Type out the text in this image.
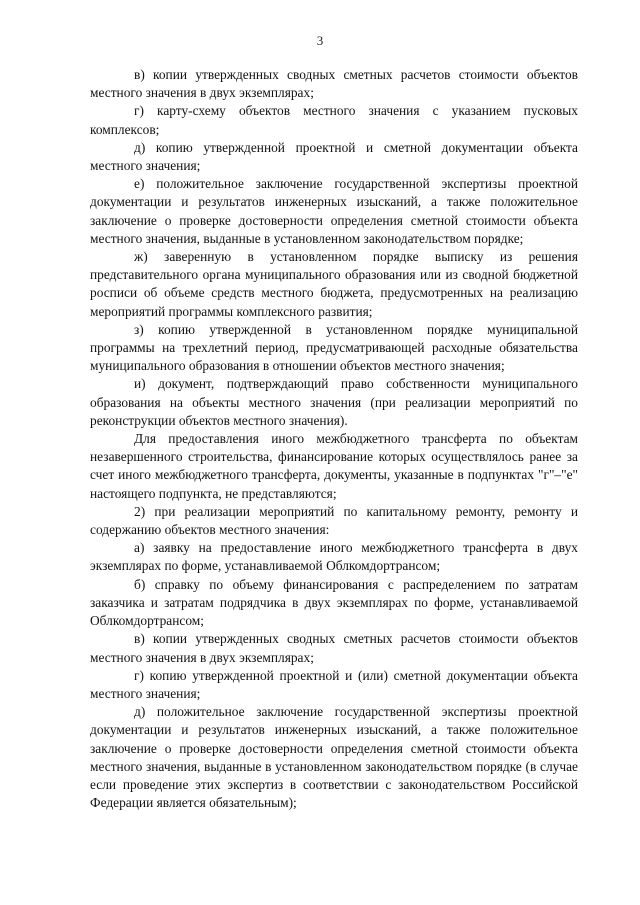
3

в) копии утвержденных сводных сметных расчетов стоимости объектов местного значения в двух экземплярах;

г) карту-схему объектов местного значения с указанием пусковых комплексов;

д) копию утвержденной проектной и сметной документации объекта местного значения;

е) положительное заключение государственной экспертизы проектной документации и результатов инженерных изысканий, а также положительное заключение о проверке достоверности определения сметной стоимости объекта местного значения, выданные в установленном законодательством порядке;

ж) заверенную в установленном порядке выписку из решения представительного органа муниципального образования или из сводной бюджетной росписи об объеме средств местного бюджета, предусмотренных на реализацию мероприятий программы комплексного развития;

з) копию утвержденной в установленном порядке муниципальной программы на трехлетний период, предусматривающей расходные обязательства муниципального образования в отношении объектов местного значения;

и) документ, подтверждающий право собственности муниципального образования на объекты местного значения (при реализации мероприятий по реконструкции объектов местного значения).

Для предоставления иного межбюджетного трансферта по объектам незавершенного строительства, финансирование которых осуществлялось ранее за счет иного межбюджетного трансферта, документы, указанные в подпунктах "г"–"е" настоящего подпункта, не представляются;

2) при реализации мероприятий по капитальному ремонту, ремонту и содержанию объектов местного значения:

а) заявку на предоставление иного межбюджетного трансферта в двух экземплярах по форме, устанавливаемой Облкомдортрансом;

б) справку по объему финансирования с распределением по затратам заказчика и затратам подрядчика в двух экземплярах по форме, устанавливаемой Облкомдортрансом;

в) копии утвержденных сводных сметных расчетов стоимости объектов местного значения в двух экземплярах;

г) копию утвержденной проектной и (или) сметной документации объекта местного значения;

д) положительное заключение государственной экспертизы проектной документации и результатов инженерных изысканий, а также положительное заключение о проверке достоверности определения сметной стоимости объекта местного значения, выданные в установленном законодательством порядке (в случае если проведение этих экспертиз в соответствии с законодательством Российской Федерации является обязательным);
